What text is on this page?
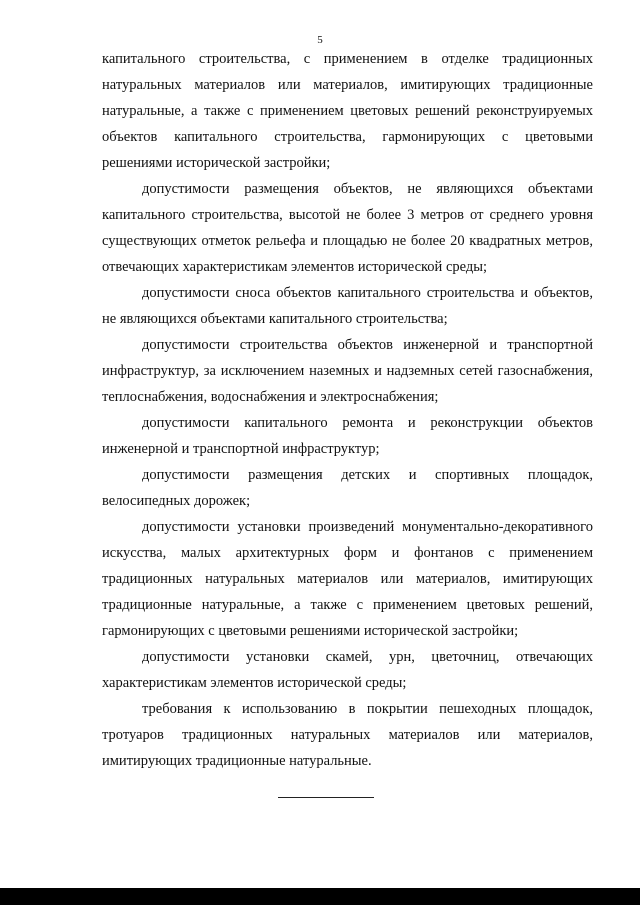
5

капитального строительства, с применением в отделке традиционных натуральных материалов или материалов, имитирующих традиционные натуральные, а также с применением цветовых решений реконструируемых объектов капитального строительства, гармонирующих с цветовыми решениями исторической застройки;

допустимости размещения объектов, не являющихся объектами капитального строительства, высотой не более 3 метров от среднего уровня существующих отметок рельефа и площадью не более 20 квадратных метров, отвечающих характеристикам элементов исторической среды;

допустимости сноса объектов капитального строительства и объектов, не являющихся объектами капитального строительства;

допустимости строительства объектов инженерной и транспортной инфраструктур, за исключением наземных и надземных сетей газоснабжения, теплоснабжения, водоснабжения и электроснабжения;

допустимости капитального ремонта и реконструкции объектов инженерной и транспортной инфраструктур;

допустимости размещения детских и спортивных площадок, велосипедных дорожек;

допустимости установки произведений монументально-декоративного искусства, малых архитектурных форм и фонтанов с применением традиционных натуральных материалов или материалов, имитирующих традиционные натуральные, а также с применением цветовых решений, гармонирующих с цветовыми решениями исторической застройки;

допустимости установки скамей, урн, цветочниц, отвечающих характеристикам элементов исторической среды;

требования к использованию в покрытии пешеходных площадок, тротуаров традиционных натуральных материалов или материалов, имитирующих традиционные натуральные.
